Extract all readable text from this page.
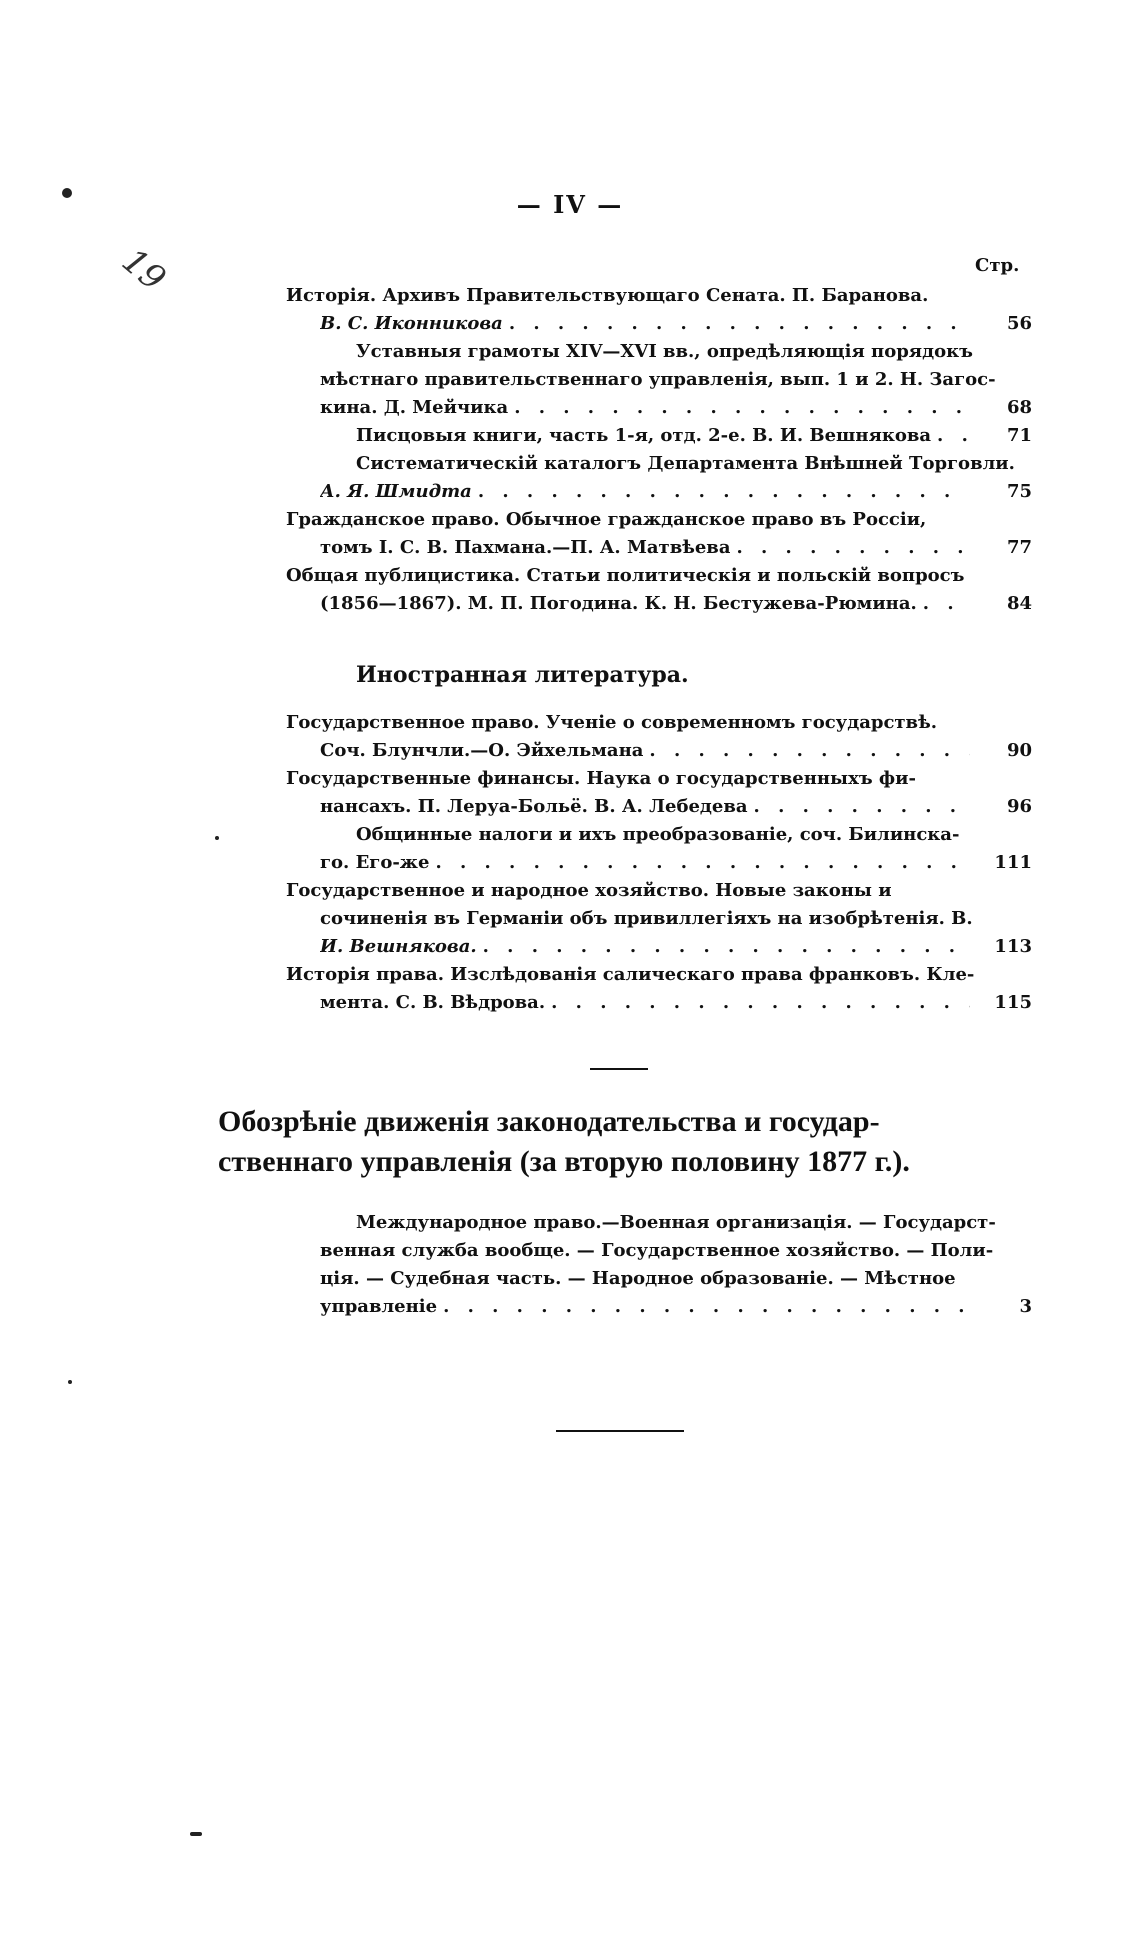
— IV —
19	Стр.
Исторія. Архивъ Правительствующаго Сената. П. Баранова.
В. С. Иконникова . . .	56
Уставныя грамоты XIV—XVI вв., опредѣляющія порядокъ
мѣстнаго правительственнаго управленія, вып. 1 и 2. Н. Загос-
кина. Д. Мейчика . . .	68
Писцовыя книги, часть 1-я, отд. 2-е. В. И. Вешнякова . . .	71
Систематическій каталогъ Департамента Внѣшней Торговли.
А. Я. Шмидта . . .	75
Гражданское право. Обычное гражданское право въ Россіи,
томъ I. С. В. Пахмана.—П. А. Матвѣева . . .	77
Общая публицистика. Статьи политическія и польскій вопросъ
(1856—1867). М. П. Погодина. К. Н. Бестужева-Рюмина. . . .	84
Иностранная литература.
Государственное право. Ученіе о современномъ государствѣ.
Соч. Блунчли.—О. Эйхельмана . . .	90
Государственные финансы. Наука о государственныхъ фи-
нансахъ. П. Леруа-Больё. В. А. Лебедева . . .	96
Общинные налоги и ихъ преобразованіе, соч. Билинска-
го. Его-же . . .	111
Государственное и народное хозяйство. Новые законы и
сочиненія въ Германіи объ привиллегіяхъ на изобрѣтенія. В.
И. Вешнякова. . . .	113
Исторія права. Изслѣдованія салическаго права франковъ. Кле-
мента. С. В. Вѣдрова. . . .	115
Обозрѣніе движенія законодательства и государ-
ственнаго управленія (за вторую половину 1877 г.).
Международное право.—Военная организація. — Государст-
венная служба вообще. — Государственное хозяйство. — Поли-
ція. — Судебная часть. — Народное образованіе. — Мѣстное
управленіе . . .	3
